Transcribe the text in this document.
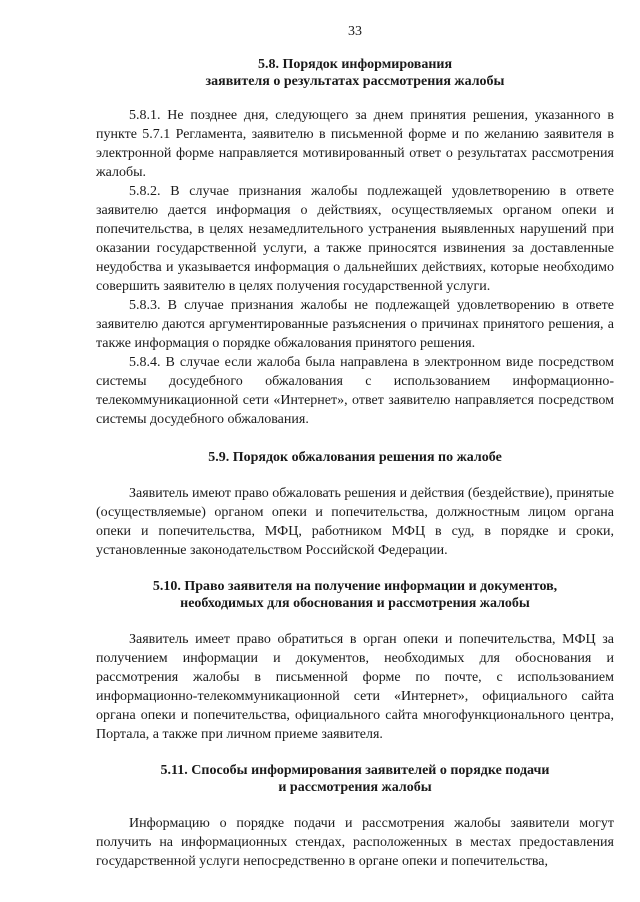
33
5.8. Порядок информирования
заявителя о результатах рассмотрения жалобы

5.8.1. Не позднее дня, следующего за днем принятия решения, указанного в пункте 5.7.1 Регламента, заявителю в письменной форме и по желанию заявителя в электронной форме направляется мотивированный ответ о результатах рассмотрения жалобы.

5.8.2. В случае признания жалобы подлежащей удовлетворению в ответе заявителю дается информация о действиях, осуществляемых органом опеки и попечительства, в целях незамедлительного устранения выявленных нарушений при оказании государственной услуги, а также приносятся извинения за доставленные неудобства и указывается информация о дальнейших действиях, которые необходимо совершить заявителю в целях получения государственной услуги.

5.8.3. В случае признания жалобы не подлежащей удовлетворению в ответе заявителю даются аргументированные разъяснения о причинах принятого решения, а также информация о порядке обжалования принятого решения.

5.8.4. В случае если жалоба была направлена в электронном виде посредством системы досудебного обжалования с использованием информационно-телекоммуникационной сети «Интернет», ответ заявителю направляется посредством системы досудебного обжалования.

5.9. Порядок обжалования решения по жалобе

Заявитель имеют право обжаловать решения и действия (бездействие), принятые (осуществляемые) органом опеки и попечительства, должностным лицом органа опеки и попечительства, МФЦ, работником МФЦ в суд, в порядке и сроки, установленные законодательством Российской Федерации.

5.10. Право заявителя на получение информации и документов,
необходимых для обоснования и рассмотрения жалобы

Заявитель имеет право обратиться в орган опеки и попечительства, МФЦ за получением информации и документов, необходимых для обоснования и рассмотрения жалобы в письменной форме по почте, с использованием информационно-телекоммуникационной сети «Интернет», официального сайта органа опеки и попечительства, официального сайта многофункционального центра, Портала, а также при личном приеме заявителя.

5.11. Способы информирования заявителей о порядке подачи
и рассмотрения жалобы

Информацию о порядке подачи и рассмотрения жалобы заявители могут получить на информационных стендах, расположенных в местах предоставления государственной услуги непосредственно в органе опеки и попечительства,
